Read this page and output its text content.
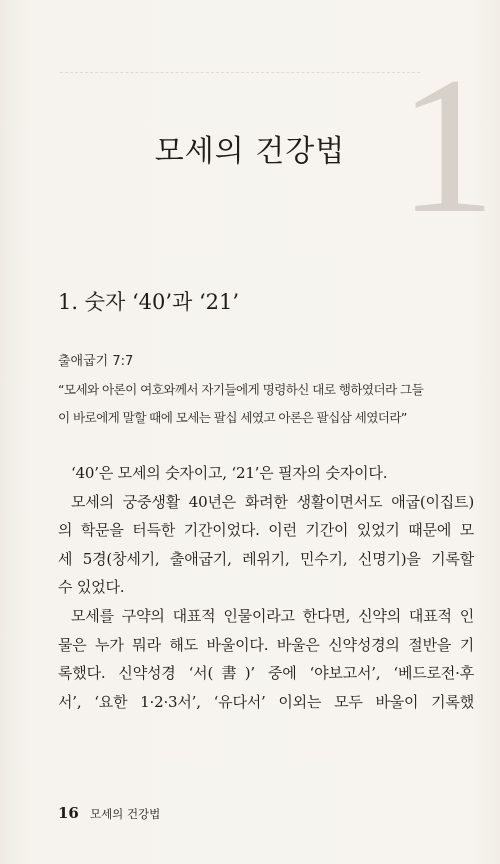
1
모세의 건강법
1. 숫자 ‘40’과 ‘21’
출애굽기 7:7
“모세와 아론이 여호와께서 자기들에게 명령하신 대로 행하였더라 그들
이 바로에게 말할 때에 모세는 팔십 세였고 아론은 팔십삼 세였더라”
‘40’은 모세의 숫자이고, ‘21’은 필자의 숫자이다.
모세의 궁중생활 40년은 화려한 생활이면서도 애굽(이집트)
의 학문을 터득한 기간이었다. 이런 기간이 있었기 때문에 모
세 5경(창세기, 출애굽기, 레위기, 민수기, 신명기)을 기록할
수 있었다.
모세를 구약의 대표적 인물이라고 한다면, 신약의 대표적 인
물은 누가 뭐라 해도 바울이다. 바울은 신약성경의 절반을 기
록했다. 신약성경 ‘서(書)’ 중에 ‘야보고서’, ‘베드로전·후
서’, ‘요한 1·2·3서’, ‘유다서’ 이외는 모두 바울이 기록했
16 모세의 건강법
